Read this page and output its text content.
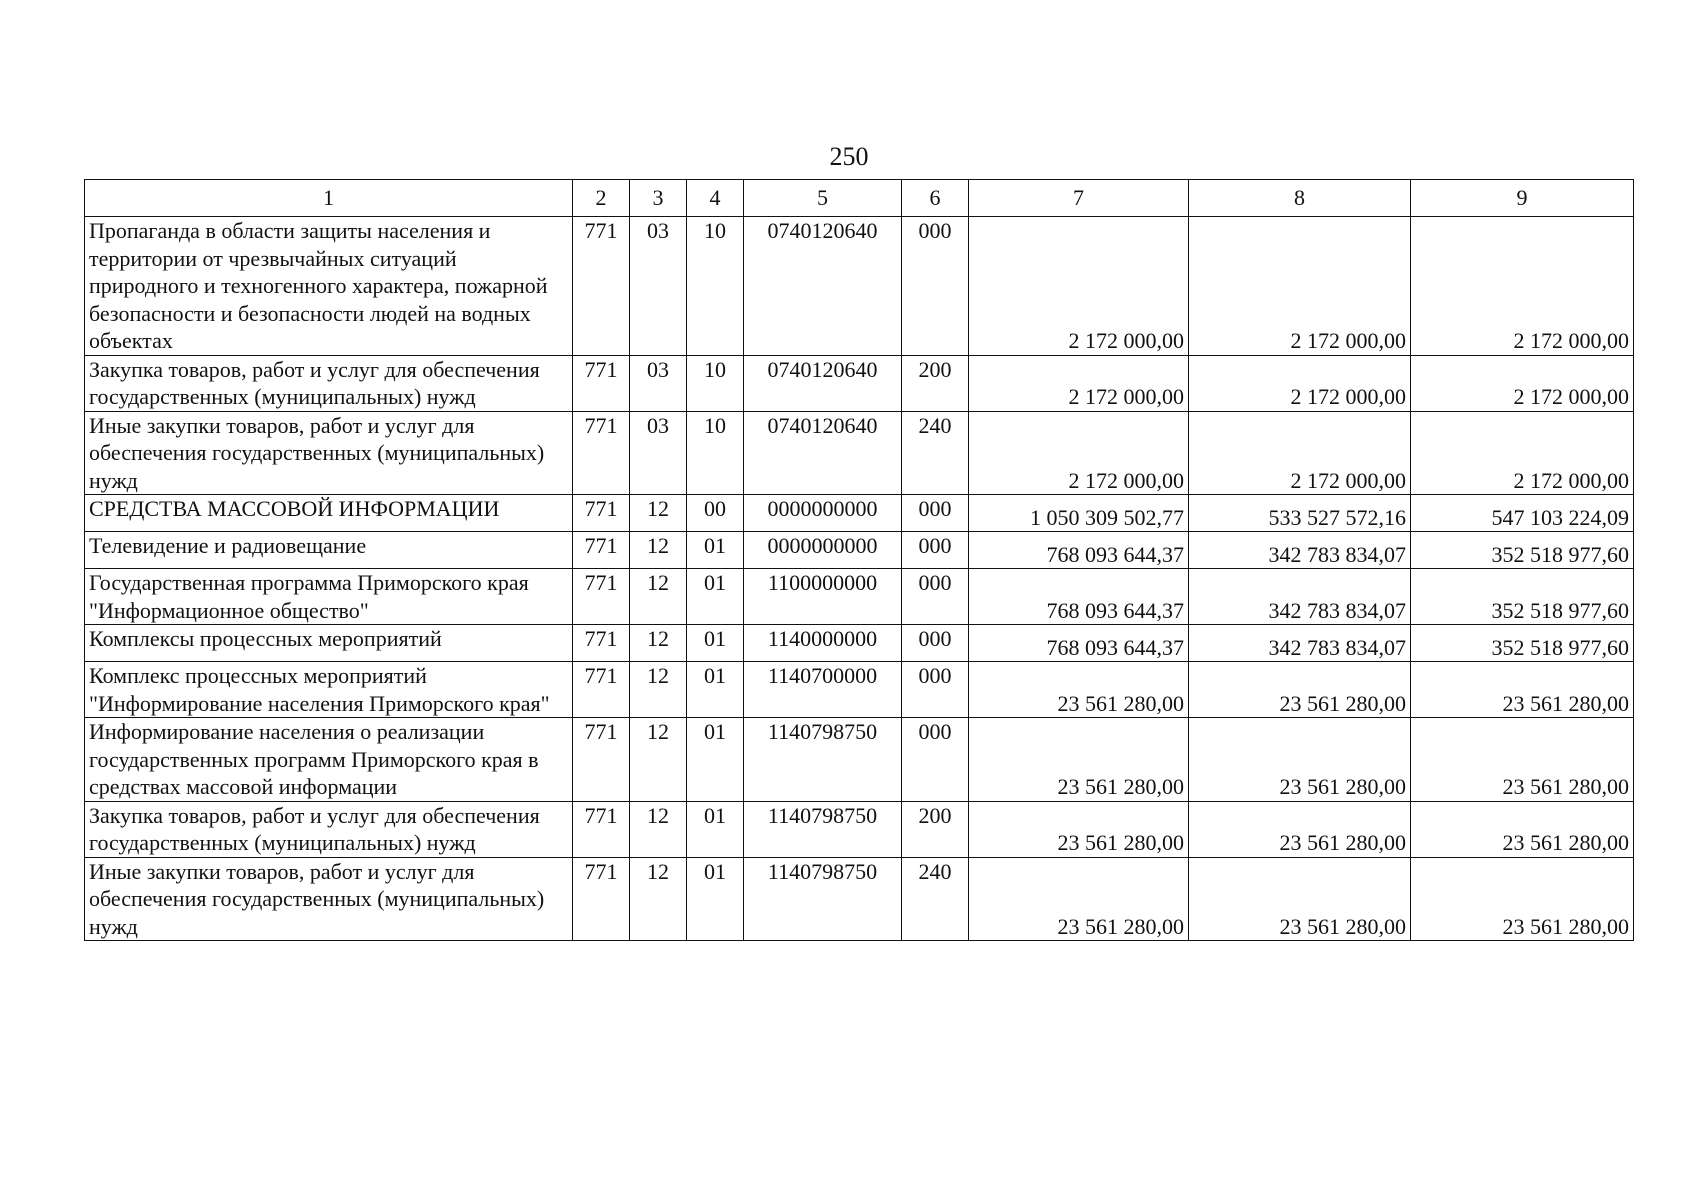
250
1	2	3	4	5	6	7	8	9
Пропаганда в области защиты населения и территории от чрезвычайных ситуаций природного и техногенного характера, пожарной безопасности и безопасности людей на водных объектах	771	03	10	0740120640	000	2 172 000,00	2 172 000,00	2 172 000,00
Закупка товаров, работ и услуг для обеспечения государственных (муниципальных) нужд	771	03	10	0740120640	200	2 172 000,00	2 172 000,00	2 172 000,00
Иные закупки товаров, работ и услуг для обеспечения государственных (муниципальных) нужд	771	03	10	0740120640	240	2 172 000,00	2 172 000,00	2 172 000,00
СРЕДСТВА МАССОВОЙ ИНФОРМАЦИИ	771	12	00	0000000000	000	1 050 309 502,77	533 527 572,16	547 103 224,09
Телевидение и радиовещание	771	12	01	0000000000	000	768 093 644,37	342 783 834,07	352 518 977,60
Государственная программа Приморского края "Информационное общество"	771	12	01	1100000000	000	768 093 644,37	342 783 834,07	352 518 977,60
Комплексы процессных мероприятий	771	12	01	1140000000	000	768 093 644,37	342 783 834,07	352 518 977,60
Комплекс процессных мероприятий "Информирование населения Приморского края"	771	12	01	1140700000	000	23 561 280,00	23 561 280,00	23 561 280,00
Информирование населения о реализации государственных программ Приморского края в средствах массовой информации	771	12	01	1140798750	000	23 561 280,00	23 561 280,00	23 561 280,00
Закупка товаров, работ и услуг для обеспечения государственных (муниципальных) нужд	771	12	01	1140798750	200	23 561 280,00	23 561 280,00	23 561 280,00
Иные закупки товаров, работ и услуг для обеспечения государственных (муниципальных) нужд	771	12	01	1140798750	240	23 561 280,00	23 561 280,00	23 561 280,00
